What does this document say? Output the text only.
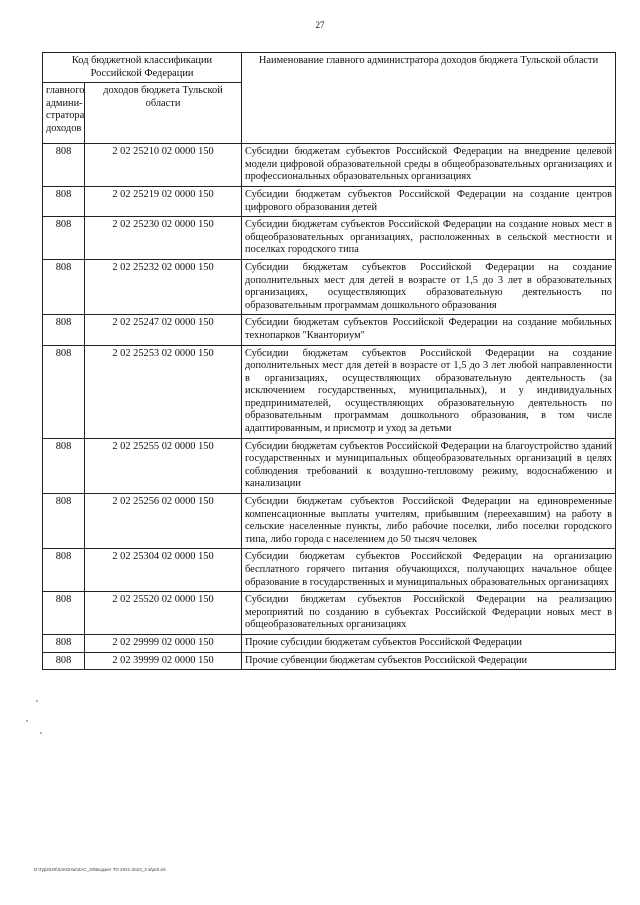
27
Код бюджетной классификации Российской Федерации		Наименование главного администратора доходов бюджета Тульской области
главного админи-стратора доходов	доходов бюджета Тульской области	
808	2 02 25210 02 0000 150	Субсидии бюджетам субъектов Российской Федерации на внедрение целевой модели цифровой образовательной среды в общеобразовательных организациях и профессиональных образовательных организациях
808	2 02 25219 02 0000 150	Субсидии бюджетам субъектов Российской Федерации на создание центров цифрового образования детей
808	2 02 25230 02 0000 150	Субсидии бюджетам субъектов Российской Федерации на создание новых мест в общеобразовательных организациях, расположенных в сельской местности и поселках городского типа
808	2 02 25232 02 0000 150	Субсидии бюджетам субъектов Российской Федерации на создание дополнительных мест для детей в возрасте от 1,5 до 3 лет в образовательных организациях, осуществляющих образовательную деятельность по образовательным программам дошкольного образования
808	2 02 25247 02 0000 150	Субсидии бюджетам субъектов Российской Федерации на создание мобильных технопарков "Кванториум"
808	2 02 25253 02 0000 150	Субсидии бюджетам субъектов Российской Федерации на создание дополнительных мест для детей в возрасте от 1,5 до 3 лет любой направленности в организациях, осуществляющих образовательную деятельность (за исключением государственных, муниципальных), и у индивидуальных предпринимателей, осуществляющих образовательную деятельность по образовательным программам дошкольного образования, в том числе адаптированным, и присмотр и уход за детьми
808	2 02 25255 02 0000 150	Субсидии бюджетам субъектов Российской Федерации на благоустройство зданий государственных и муниципальных общеобразовательных организаций в целях соблюдения требований к воздушно-тепловому режиму, водоснабжению и канализации
808	2 02 25256 02 0000 150	Субсидии бюджетам субъектов Российской Федерации на единовременные компенсационные выплаты учителям, прибывшим (переехавшим) на работу в сельские населенные пункты, либо рабочие поселки, либо поселки городского типа, либо города с населением до 50 тысяч человек
808	2 02 25304 02 0000 150	Субсидии бюджетам субъектов Российской Федерации на организацию бесплатного горячего питания обучающихся, получающих начальное общее образование в государственных и муниципальных образовательных организациях
808	2 02 25520 02 0000 150	Субсидии бюджетам субъектов Российской Федерации на реализацию мероприятий по созданию в субъектах Российской Федерации новых мест в общеобразовательных организациях
808	2 02 29999 02 0000 150	Прочие субсидии бюджетам субъектов Российской Федерации
808	2 02 39999 02 0000 150	Прочие субвенции бюджетам субъектов Российской Федерации
D:\ГД\2020\ЗАКОНЫ\ЗАС_20\Бюджет ТО 2021-2023_3 w\pr9.xls
